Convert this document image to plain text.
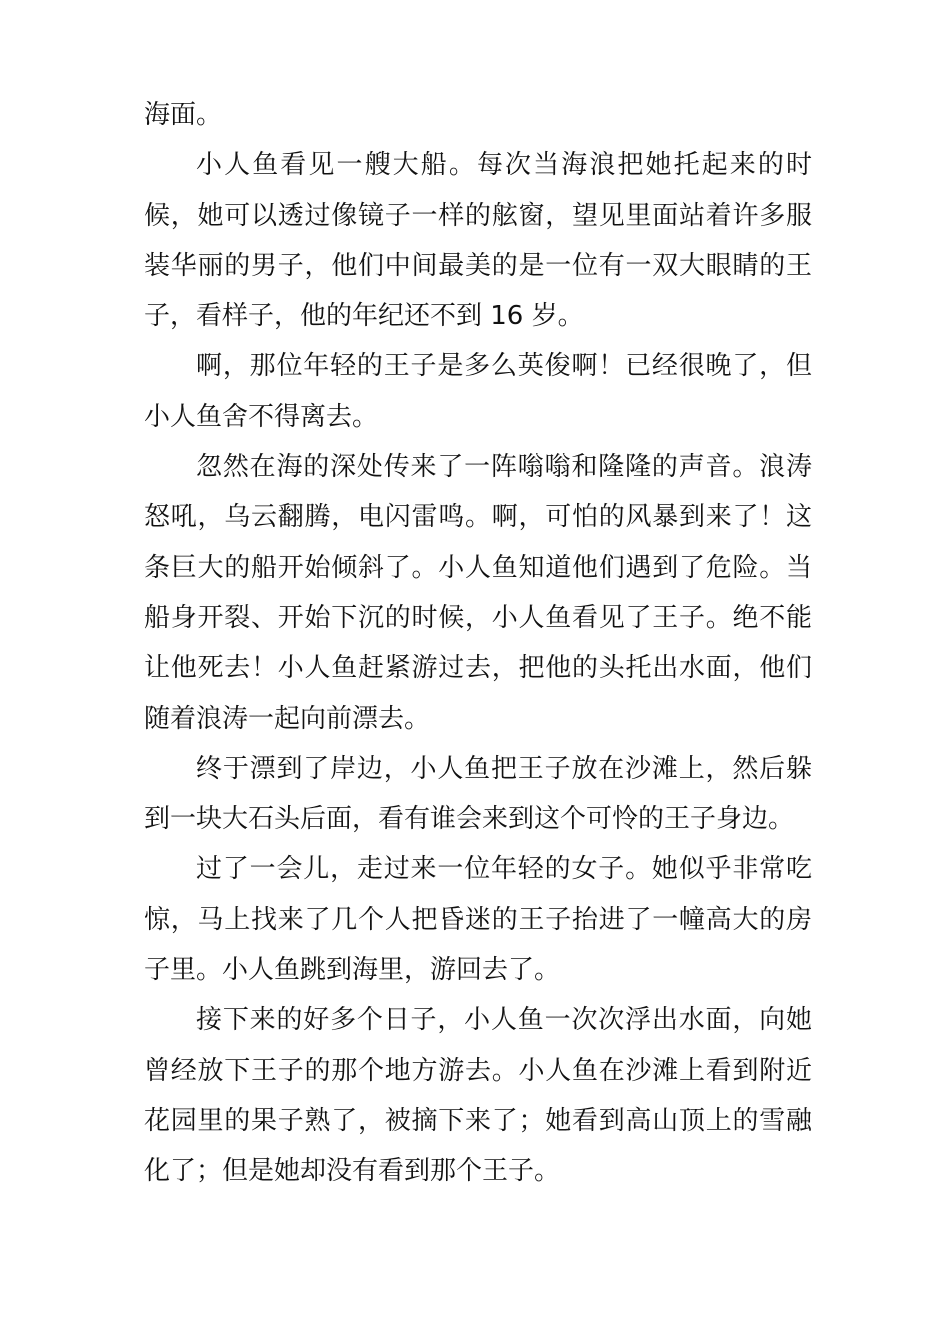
海面。

小人鱼看见一艘大船。每次当海浪把她托起来的时候，她可以透过像镜子一样的舷窗，望见里面站着许多服装华丽的男子，他们中间最美的是一位有一双大眼睛的王子，看样子，他的年纪还不到 16 岁。

啊，那位年轻的王子是多么英俊啊！已经很晚了，但小人鱼舍不得离去。

忽然在海的深处传来了一阵嗡嗡和隆隆的声音。浪涛怒吼，乌云翻腾，电闪雷鸣。啊，可怕的风暴到来了！这条巨大的船开始倾斜了。小人鱼知道他们遇到了危险。当船身开裂、开始下沉的时候，小人鱼看见了王子。绝不能让他死去！小人鱼赶紧游过去，把他的头托出水面，他们随着浪涛一起向前漂去。

终于漂到了岸边，小人鱼把王子放在沙滩上，然后躲到一块大石头后面，看有谁会来到这个可怜的王子身边。

过了一会儿，走过来一位年轻的女子。她似乎非常吃惊，马上找来了几个人把昏迷的王子抬进了一幢高大的房子里。小人鱼跳到海里，游回去了。

接下来的好多个日子，小人鱼一次次浮出水面，向她曾经放下王子的那个地方游去。小人鱼在沙滩上看到附近花园里的果子熟了，被摘下来了；她看到高山顶上的雪融化了；但是她却没有看到那个王子。
